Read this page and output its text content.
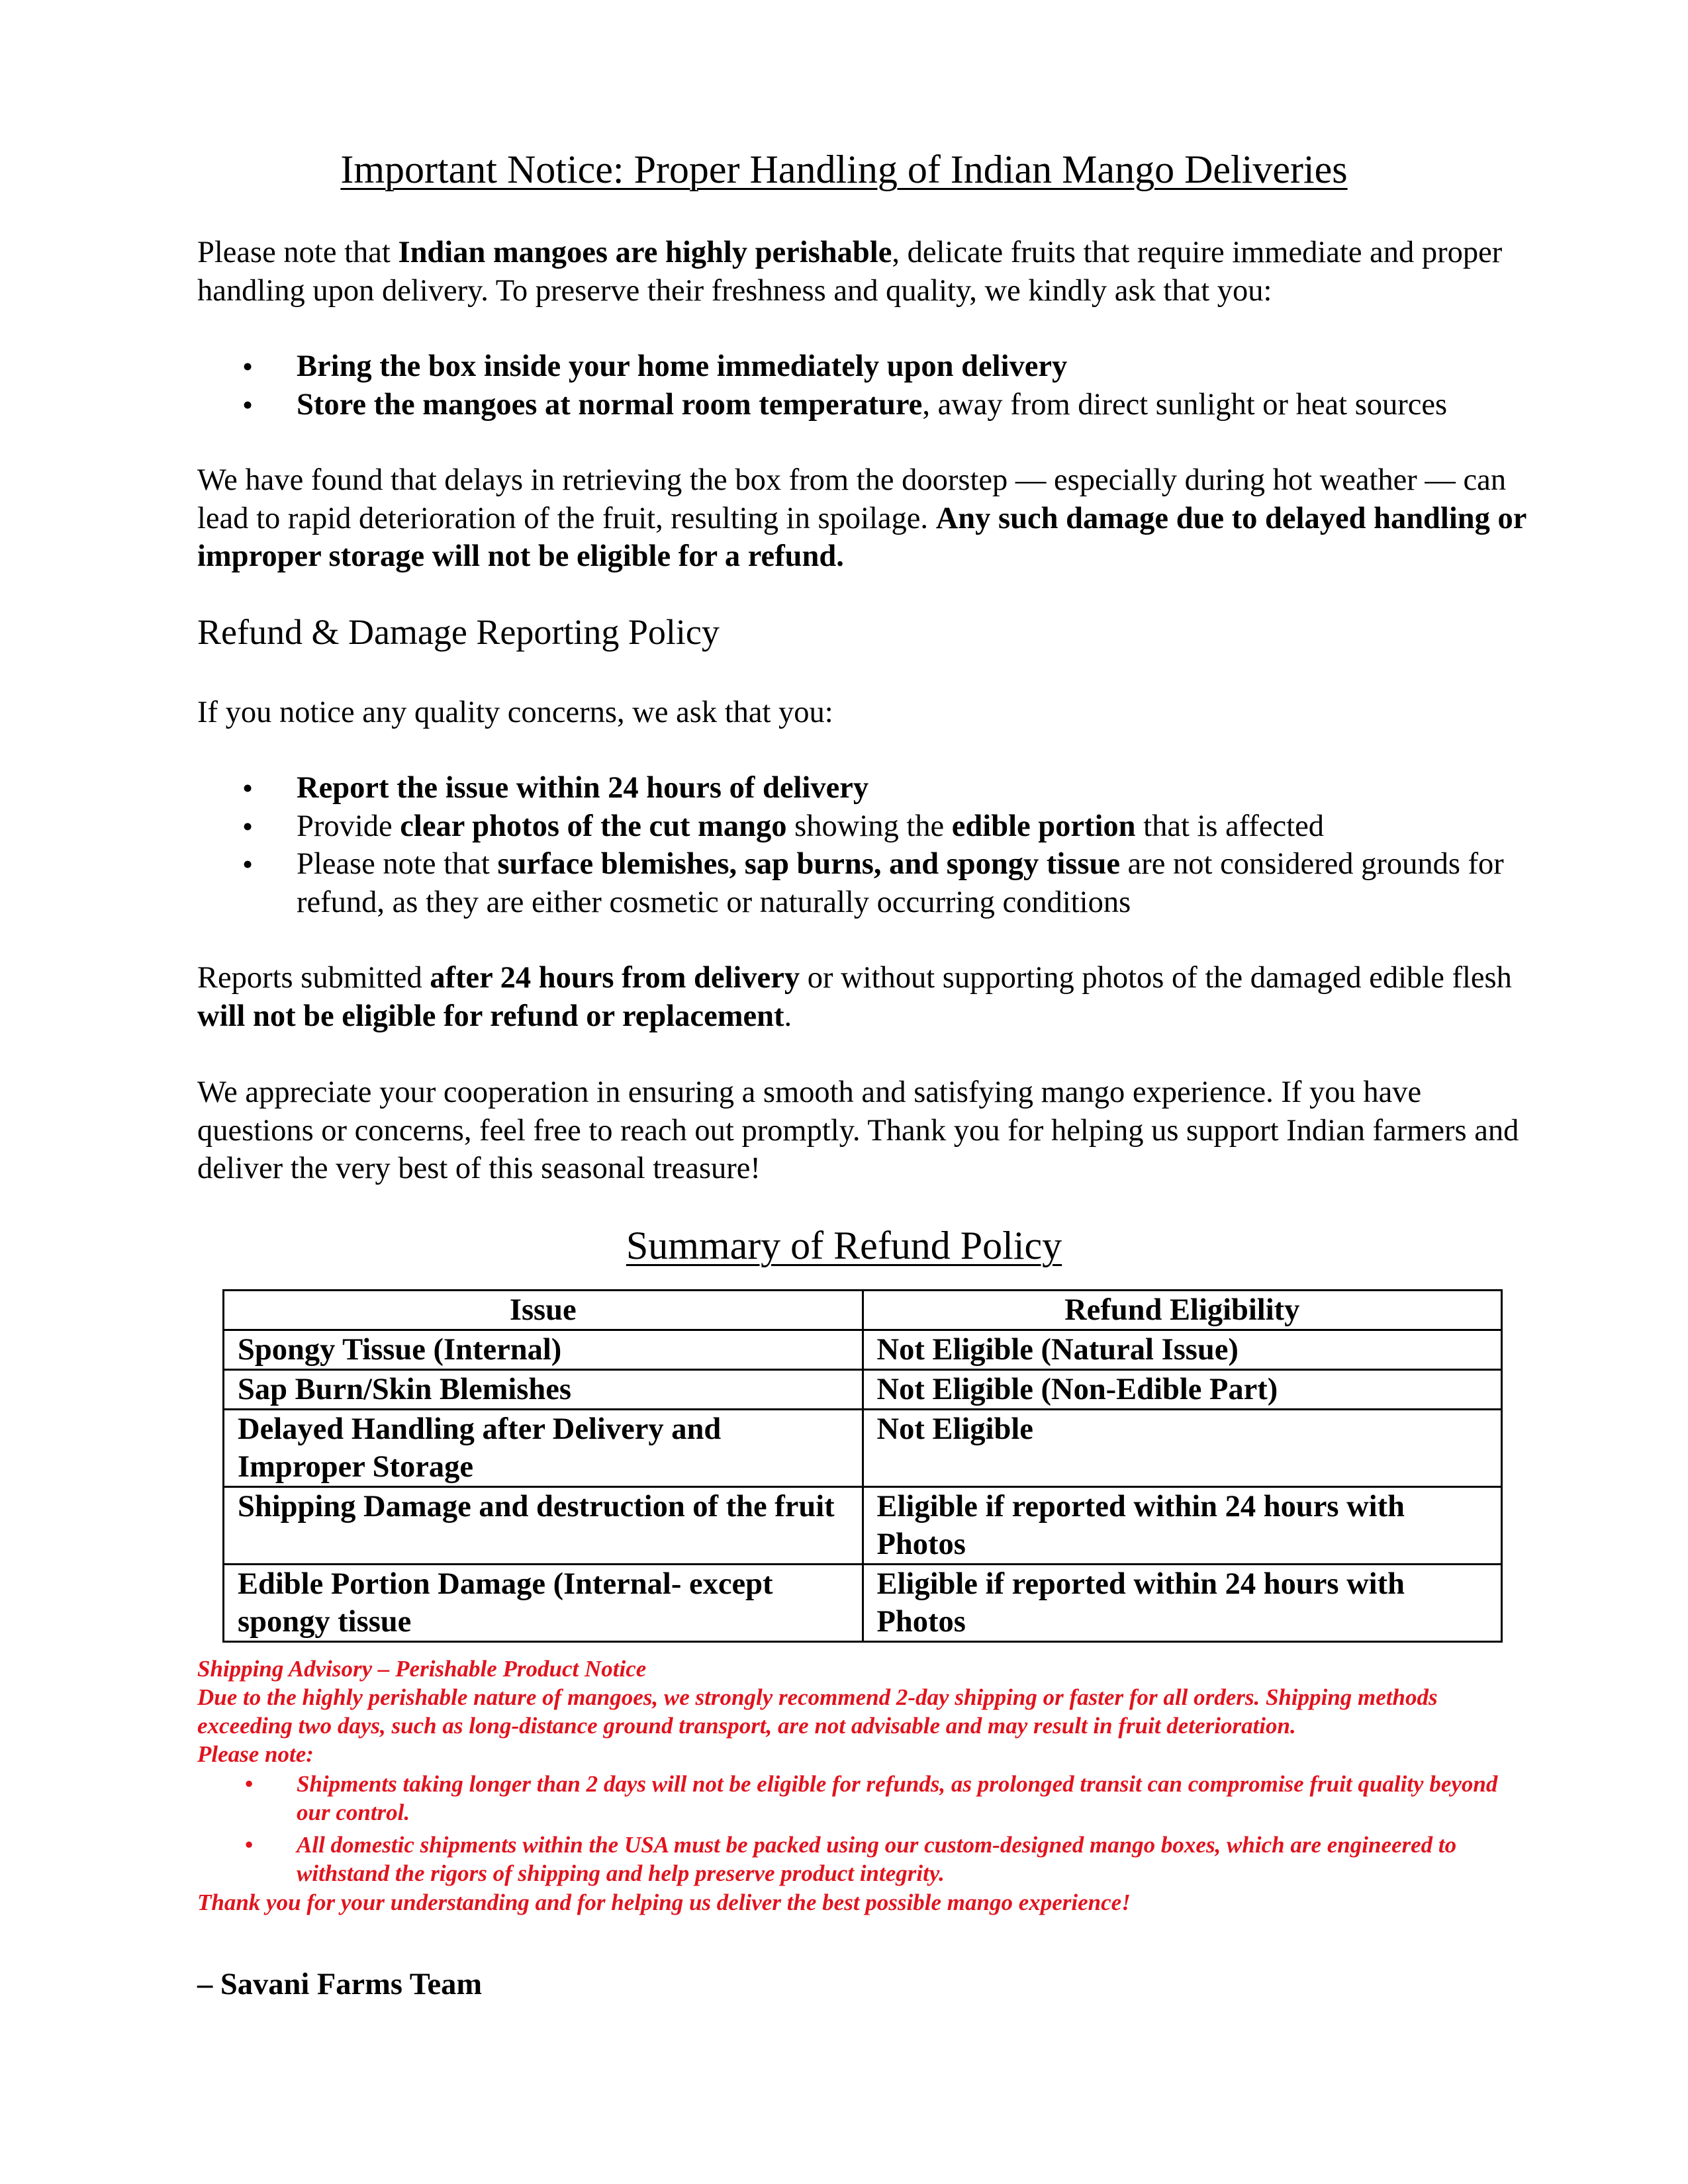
Important Notice: Proper Handling of Indian Mango Deliveries

Please note that Indian mangoes are highly perishable, delicate fruits that require immediate and proper handling upon delivery. To preserve their freshness and quality, we kindly ask that you:

• Bring the box inside your home immediately upon delivery
• Store the mangoes at normal room temperature, away from direct sunlight or heat sources

We have found that delays in retrieving the box from the doorstep — especially during hot weather — can lead to rapid deterioration of the fruit, resulting in spoilage. Any such damage due to delayed handling or improper storage will not be eligible for a refund.

Refund & Damage Reporting Policy

If you notice any quality concerns, we ask that you:

• Report the issue within 24 hours of delivery
• Provide clear photos of the cut mango showing the edible portion that is affected
• Please note that surface blemishes, sap burns, and spongy tissue are not considered grounds for refund, as they are either cosmetic or naturally occurring conditions

Reports submitted after 24 hours from delivery or without supporting photos of the damaged edible flesh will not be eligible for refund or replacement.

We appreciate your cooperation in ensuring a smooth and satisfying mango experience. If you have questions or concerns, feel free to reach out promptly. Thank you for helping us support Indian farmers and deliver the very best of this seasonal treasure!

Summary of Refund Policy
Issue	Refund Eligibility
Spongy Tissue (Internal)	Not Eligible (Natural Issue)
Sap Burn/Skin Blemishes	Not Eligible (Non-Edible Part)
Delayed Handling after Delivery and Improper Storage	Not Eligible
Shipping Damage and destruction of the fruit	Eligible if reported within 24 hours with Photos
Edible Portion Damage (Internal- except spongy tissue	Eligible if reported within 24 hours with Photos

Shipping Advisory – Perishable Product Notice

Due to the highly perishable nature of mangoes, we strongly recommend 2-day shipping or faster for all orders. Shipping methods exceeding two days, such as long-distance ground transport, are not advisable and may result in fruit deterioration.

Please note:

• Shipments taking longer than 2 days will not be eligible for refunds, as prolonged transit can compromise fruit quality beyond our control.
• All domestic shipments within the USA must be packed using our custom-designed mango boxes, which are engineered to withstand the rigors of shipping and help preserve product integrity.

Thank you for your understanding and for helping us deliver the best possible mango experience!

– Savani Farms Team
